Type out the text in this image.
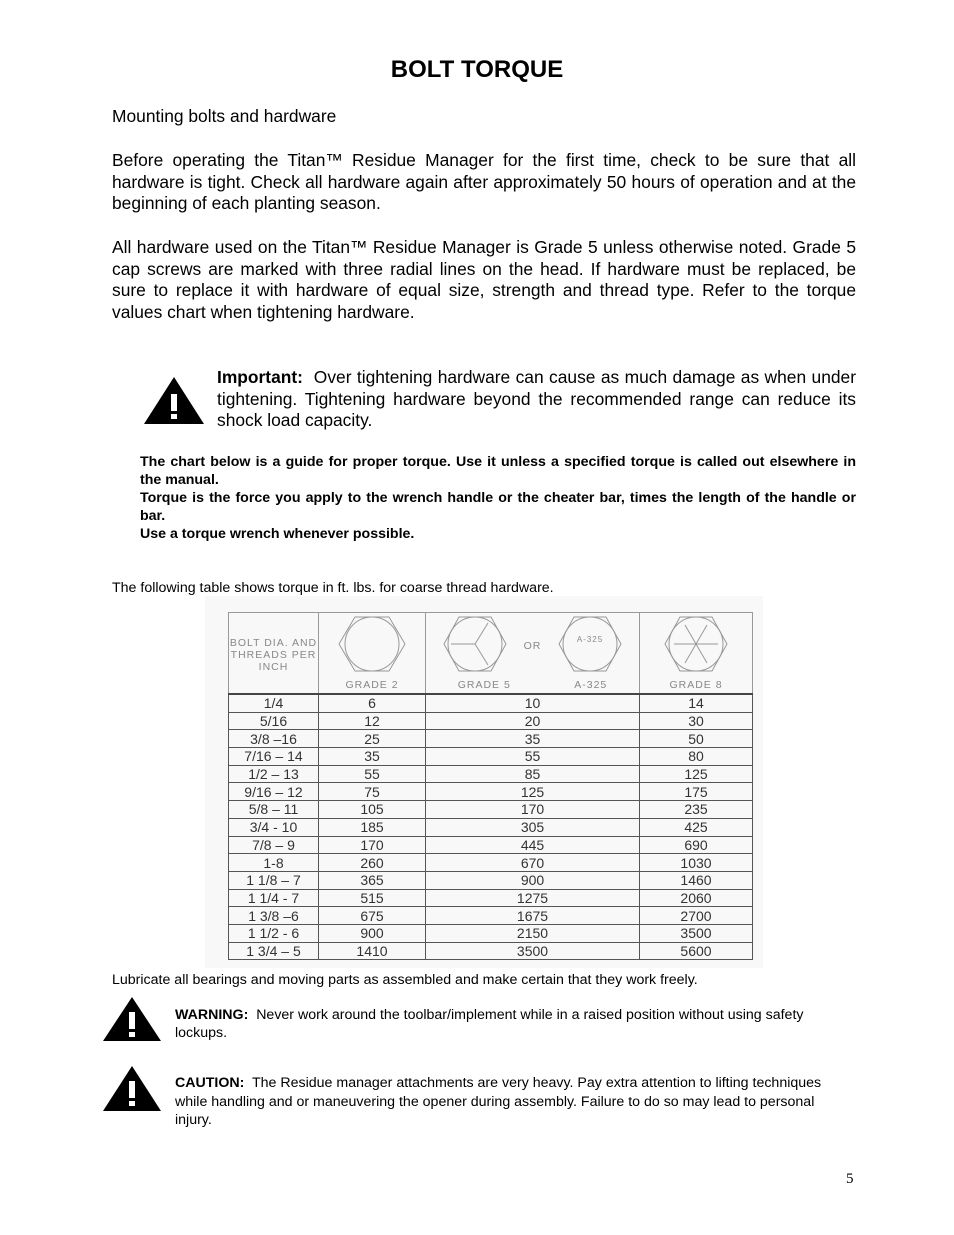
BOLT TORQUE
Mounting bolts and hardware
Before operating the Titan™ Residue Manager for the first time, check to be sure that all hardware is tight. Check all hardware again after approximately 50 hours of operation and at the beginning of each planting season.
All hardware used on the Titan™ Residue Manager is Grade 5 unless otherwise noted. Grade 5 cap screws are marked with three radial lines on the head. If hardware must be replaced, be sure to replace it with hardware of equal size, strength and thread type. Refer to the torque values chart when tightening hardware.
Important: Over tightening hardware can cause as much damage as when under tightening. Tightening hardware beyond the recommended range can reduce its shock load capacity.
The chart below is a guide for proper torque. Use it unless a specified torque is called out elsewhere in the manual.
Torque is the force you apply to the wrench handle or the cheater bar, times the length of the handle or bar.
Use a torque wrench whenever possible.
The following table shows torque in ft. lbs. for coarse thread hardware.
BOLT DIA. AND THREADS PER INCH	GRADE 2	OR
A-325
GRADE 5 A-325	GRADE 8
1/4	6	10	14
5/16	12	20	30
3/8 –16	25	35	50
7/16 – 14	35	55	80
1/2 – 13	55	85	125
9/16 – 12	75	125	175
5/8 – 11	105	170	235
3/4 - 10	185	305	425
7/8 – 9	170	445	690
1-8	260	670	1030
1 1/8 – 7	365	900	1460
1 1/4 - 7	515	1275	2060
1 3/8 –6	675	1675	2700
1 1/2 - 6	900	2150	3500
1 3/4 – 5	1410	3500	5600
Lubricate all bearings and moving parts as assembled and make certain that they work freely.
WARNING: Never work around the toolbar/implement while in a raised position without using safety lockups.
CAUTION: The Residue manager attachments are very heavy. Pay extra attention to lifting techniques while handling and or maneuvering the opener during assembly. Failure to do so may lead to personal injury.
5
